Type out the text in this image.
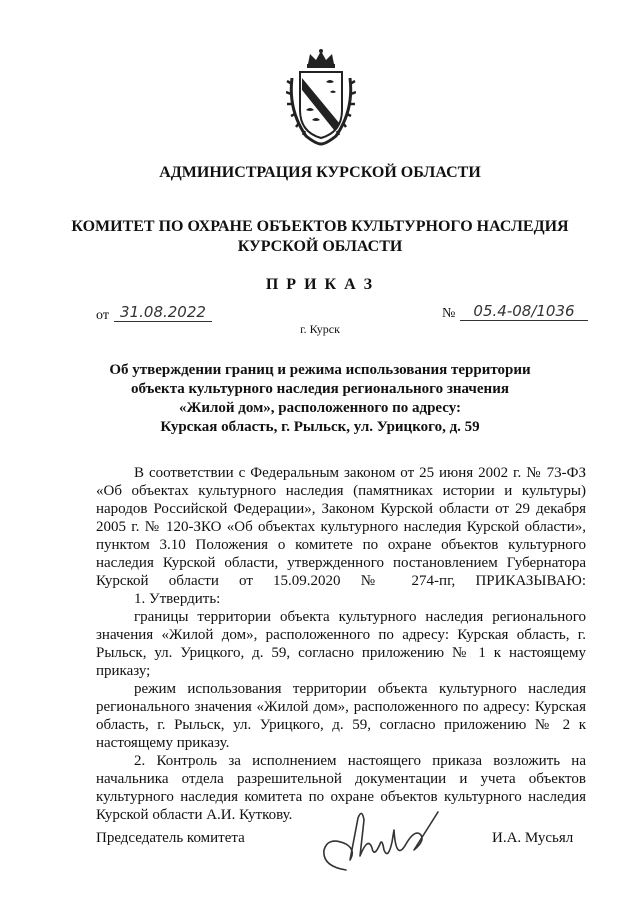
АДМИНИСТРАЦИЯ КУРСКОЙ ОБЛАСТИ
КОМИТЕТ ПО ОХРАНЕ ОБЪЕКТОВ КУЛЬТУРНОГО НАСЛЕДИЯ
КУРСКОЙ ОБЛАСТИ
П Р И К А З
от 31.08.2022	№	05.4-08/1036
г. Курск
Об утверждении границ и режима использования территории
объекта культурного наследия регионального значения
«Жилой дом», расположенного по адресу:
Курская область, г. Рыльск, ул. Урицкого, д. 59
В соответствии с Федеральным законом от 25 июня 2002 г. № 73-ФЗ «Об объектах культурного наследия (памятниках истории и культуры) народов Российской Федерации», Законом Курской области от 29 декабря 2005 г. № 120-ЗКО «Об объектах культурного наследия Курской области», пунктом 3.10 Положения о комитете по охране объектов культурного наследия Курской области, утвержденного постановлением Губернатора Курской области от 15.09.2020 № 274-пг, ПРИКАЗЫВАЮ:
1. Утвердить:
границы территории объекта культурного наследия регионального значения «Жилой дом», расположенного по адресу: Курская область, г. Рыльск, ул. Урицкого, д. 59, согласно приложению № 1 к настоящему приказу;
режим использования территории объекта культурного наследия регионального значения «Жилой дом», расположенного по адресу: Курская область, г. Рыльск, ул. Урицкого, д. 59, согласно приложению № 2 к настоящему приказу.
2. Контроль за исполнением настоящего приказа возложить на начальника отдела разрешительной документации и учета объектов культурного наследия комитета по охране объектов культурного наследия Курской области А.И. Куткову.
Председатель комитета	И.А. Мусьял
